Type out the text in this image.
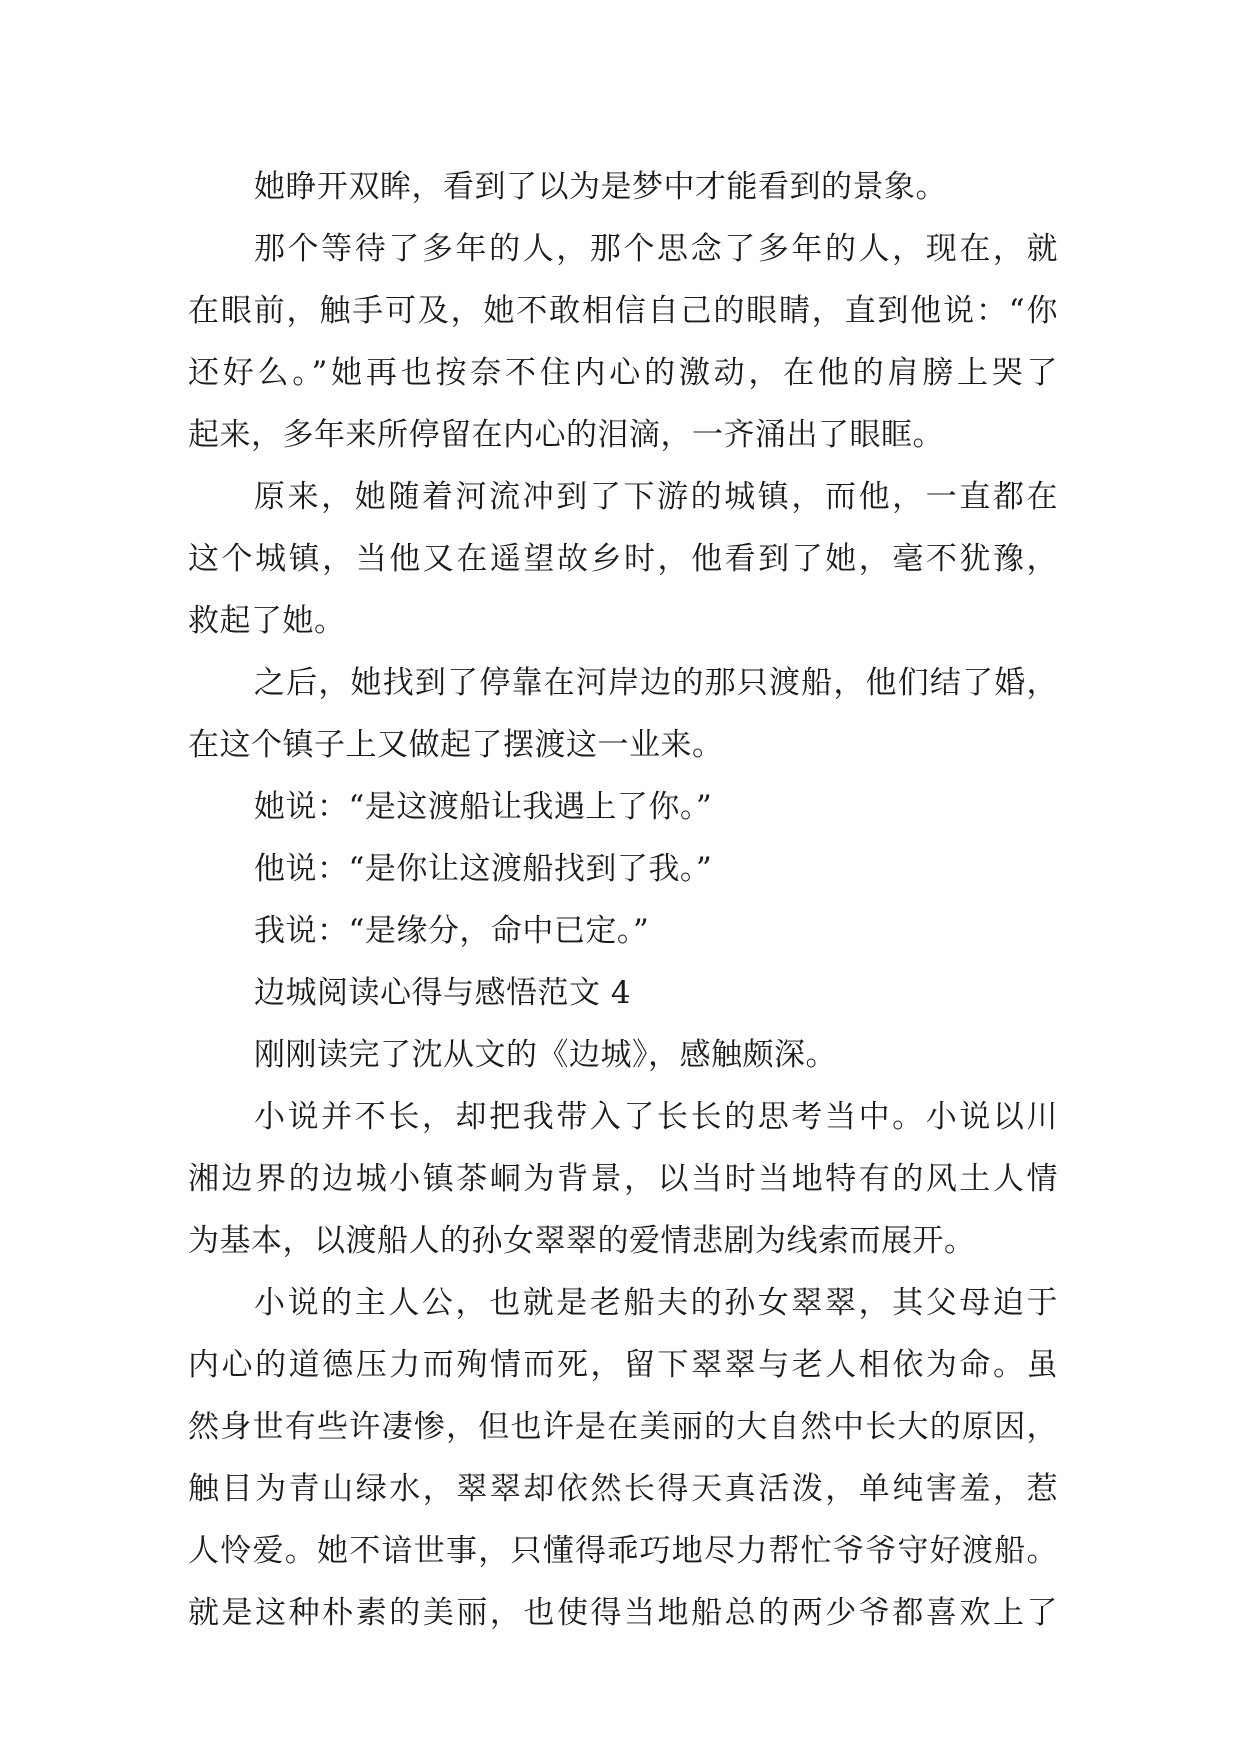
她睁开双眸，看到了以为是梦中才能看到的景象。
那个等待了多年的人，那个思念了多年的人，现在，就
在眼前，触手可及，她不敢相信自己的眼睛，直到他说：“你
还好么。”她再也按奈不住内心的激动，在他的肩膀上哭了
起来，多年来所停留在内心的泪滴，一齐涌出了眼眶。
原来，她随着河流冲到了下游的城镇，而他，一直都在
这个城镇，当他又在遥望故乡时，他看到了她，毫不犹豫，
救起了她。
之后，她找到了停靠在河岸边的那只渡船，他们结了婚，
在这个镇子上又做起了摆渡这一业来。
她说：“是这渡船让我遇上了你。”
他说：“是你让这渡船找到了我。”
我说：“是缘分，命中已定。”
边城阅读心得与感悟范文 4
刚刚读完了沈从文的《边城》，感触颇深。
小说并不长，却把我带入了长长的思考当中。小说以川
湘边界的边城小镇茶峒为背景，以当时当地特有的风土人情
为基本，以渡船人的孙女翠翠的爱情悲剧为线索而展开。
小说的主人公，也就是老船夫的孙女翠翠，其父母迫于
内心的道德压力而殉情而死，留下翠翠与老人相依为命。虽
然身世有些许凄惨，但也许是在美丽的大自然中长大的原因，
触目为青山绿水，翠翠却依然长得天真活泼，单纯害羞，惹
人怜爱。她不谙世事，只懂得乖巧地尽力帮忙爷爷守好渡船。
就是这种朴素的美丽，也使得当地船总的两少爷都喜欢上了
